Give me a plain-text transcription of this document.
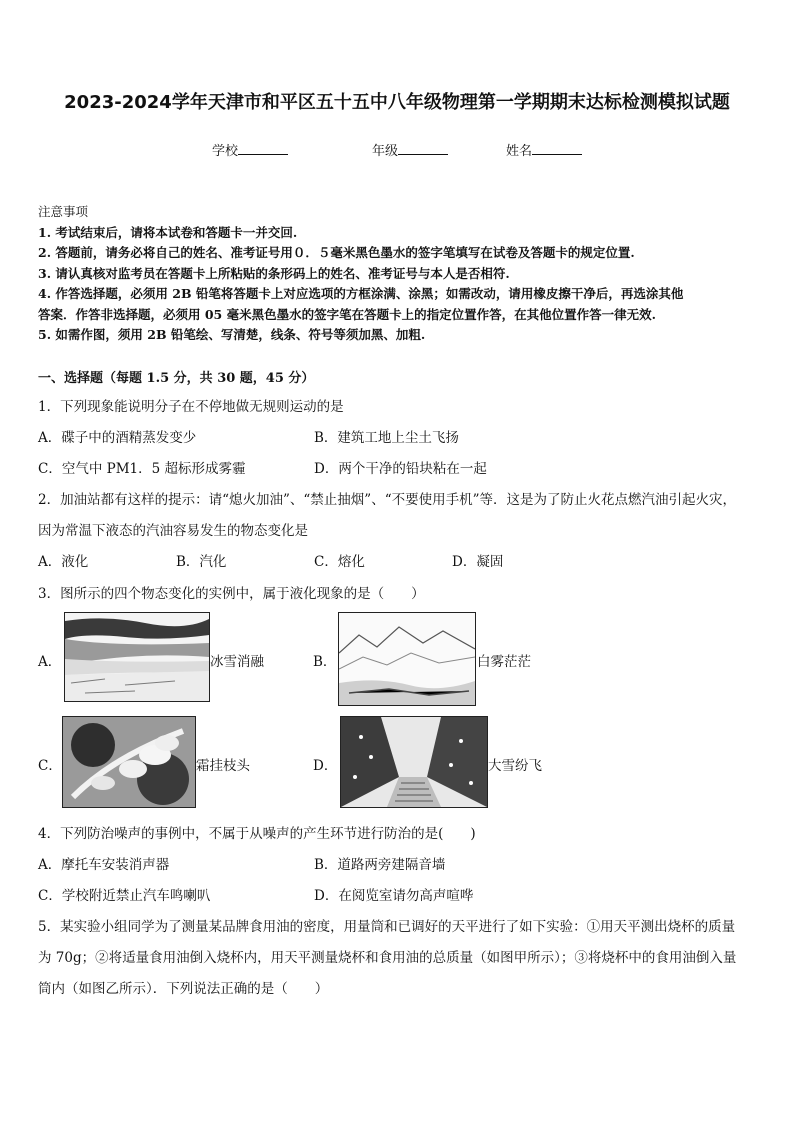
2023-2024学年天津市和平区五十五中八年级物理第一学期期末达标检测模拟试题
学校	年级	姓名
注意事项
1. 考试结束后，请将本试卷和答题卡一并交回.
2. 答题前，请务必将自己的姓名、准考证号用０．５毫米黑色墨水的签字笔填写在试卷及答题卡的规定位置.
3. 请认真核对监考员在答题卡上所粘贴的条形码上的姓名、准考证号与本人是否相符.
4. 作答选择题，必须用 2B 铅笔将答题卡上对应选项的方框涂满、涂黑；如需改动，请用橡皮擦干净后，再选涂其他
答案．作答非选择题，必须用 05 毫米黑色墨水的签字笔在答题卡上的指定位置作答，在其他位置作答一律无效.
5. 如需作图，须用 2B 铅笔绘、写清楚，线条、符号等须加黑、加粗.
一、选择题（每题 1.5 分，共 30 题，45 分）
1．下列现象能说明分子在不停地做无规则运动的是
A．碟子中的酒精蒸发变少	B．建筑工地上尘土飞扬
C．空气中 PM1．5 超标形成雾霾	D．两个干净的铅块粘在一起
2．加油站都有这样的提示：请“熄火加油”、“禁止抽烟”、“不要使用手机”等．这是为了防止火花点燃汽油引起火灾，
因为常温下液态的汽油容易发生的物态变化是
A．液化	B．汽化	C．熔化	D．凝固
3．图所示的四个物态变化的实例中，属于液化现象的是（　　）
A．	冰雪消融	B．	白雾茫茫
C．	霜挂枝头	D．	大雪纷飞
4．下列防治噪声的事例中，不属于从噪声的产生环节进行防治的是(　　)
A．摩托车安装消声器	B．道路两旁建隔音墙
C．学校附近禁止汽车鸣喇叭	D．在阅览室请勿高声喧哗
5．某实验小组同学为了测量某品牌食用油的密度，用量筒和已调好的天平进行了如下实验：①用天平测出烧杯的质量
为 70g；②将适量食用油倒入烧杯内，用天平测量烧杯和食用油的总质量（如图甲所示）；③将烧杯中的食用油倒入量
筒内（如图乙所示）．下列说法正确的是（　　）
